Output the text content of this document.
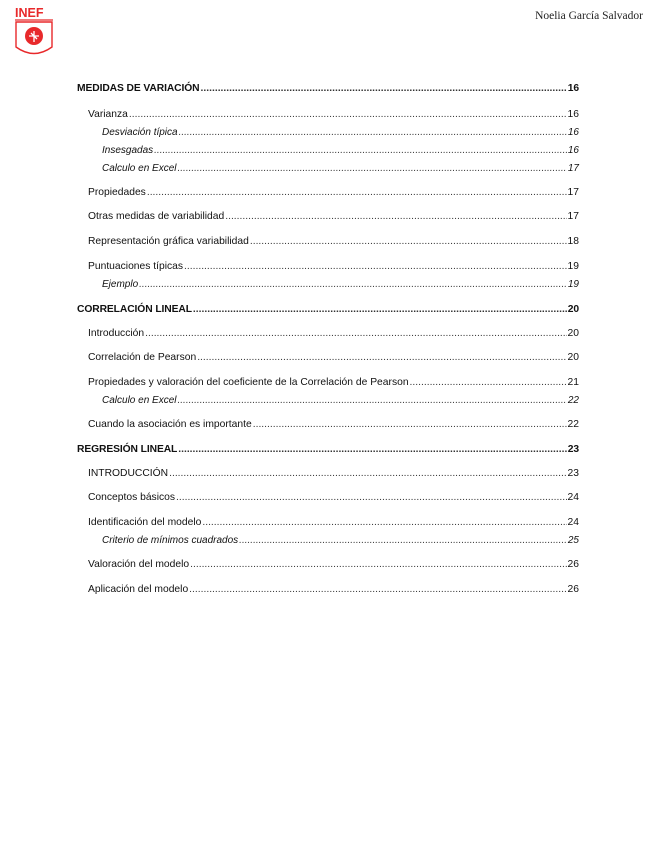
INEF	Noelia García Salvador
MEDIDAS DE VARIACIÓN .....	16
Varianza .....	16
Desviación típica .....	16
Insesgadas .....	16
Calculo en Excel .....	17
Propiedades .....	17
Otras medidas de variabilidad .....	17
Representación gráfica variabilidad .....	18
Puntuaciones típicas .....	19
Ejemplo .....	19
CORRELACIÓN LINEAL .....	20
Introducción .....	20
Correlación de Pearson .....	20
Propiedades y valoración del coeficiente de la Correlación de Pearson .....	21
Calculo en Excel .....	22
Cuando la asociación es importante .....	22
REGRESIÓN LINEAL .....	23
INTRODUCCIÓN .....	23
Conceptos básicos .....	24
Identificación del modelo .....	24
Criterio de mínimos cuadrados .....	25
Valoración del modelo .....	26
Aplicación del modelo .....	26
